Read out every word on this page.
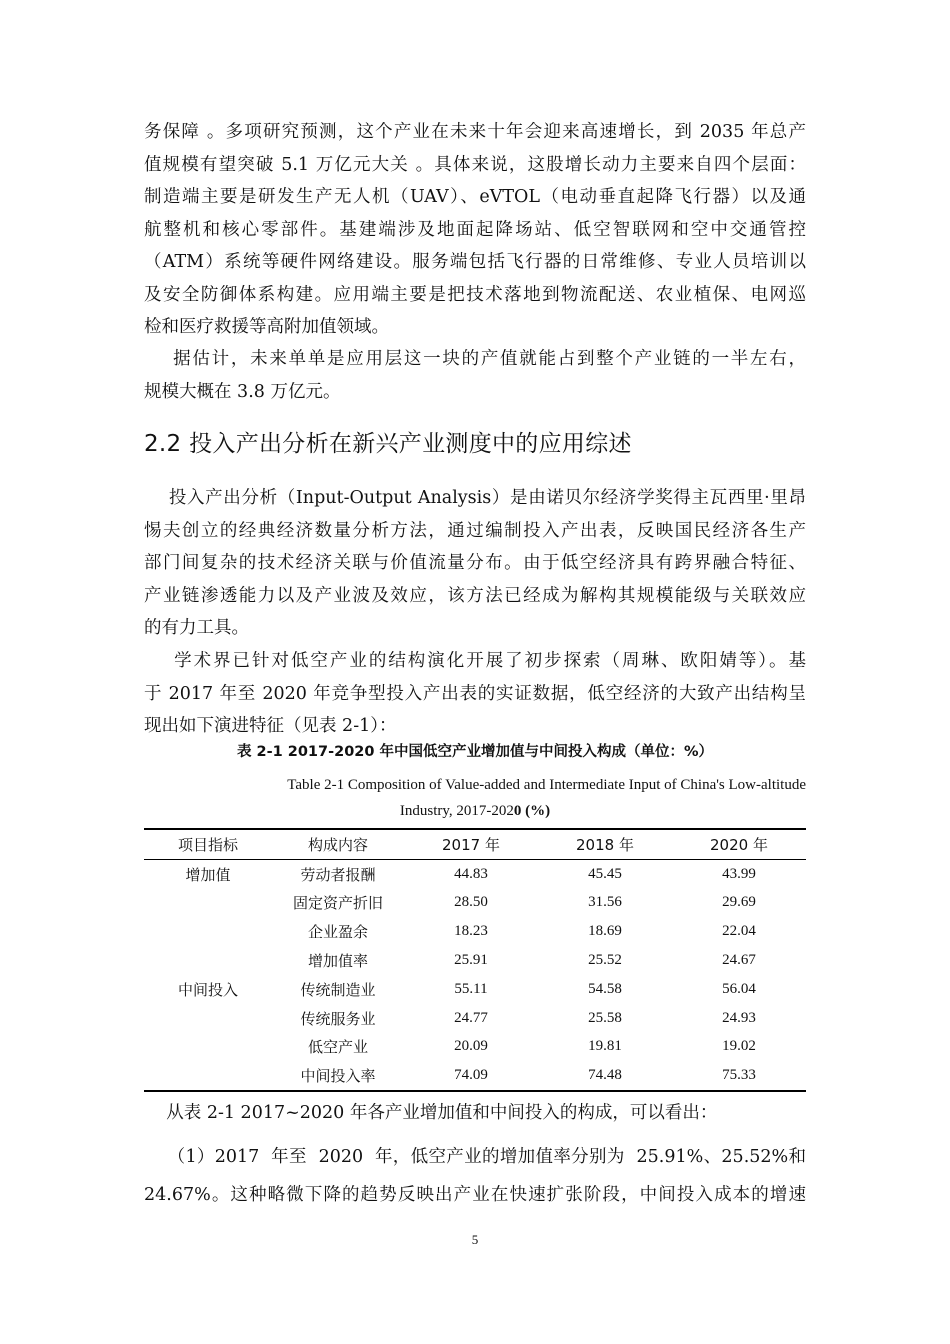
务保障 。多项研究预测，这个产业在未来十年会迎来高速增长，到 2035 年总产
值规模有望突破 5.1 万亿元大关 。具体来说，这股增长动力主要来自四个层面：
制造端主要是研发生产无人机（UAV）、eVTOL（电动垂直起降飞行器）以及通
航整机和核心零部件。基建端涉及地面起降场站、低空智联网和空中交通管控
（ATM）系统等硬件网络建设。服务端包括飞行器的日常维修、专业人员培训以
及安全防御体系构建。应用端主要是把技术落地到物流配送、农业植保、电网巡
检和医疗救援等高附加值领域。
据估计，未来单单是应用层这一块的产值就能占到整个产业链的一半左右，
规模大概在 3.8 万亿元。
2.2 投入产出分析在新兴产业测度中的应用综述
投入产出分析（Input-Output Analysis）是由诺贝尔经济学奖得主瓦西里·里昂
惕夫创立的经典经济数量分析方法，通过编制投入产出表，反映国民经济各生产
部门间复杂的技术经济关联与价值流量分布。由于低空经济具有跨界融合特征、
产业链渗透能力以及产业波及效应，该方法已经成为解构其规模能级与关联效应
的有力工具。
学术界已针对低空产业的结构演化开展了初步探索（周琳、欧阳婧等）。基
于 2017 年至 2020 年竞争型投入产出表的实证数据，低空经济的大致产出结构呈
现出如下演进特征（见表 2-1）：
表 2-1 2017-2020 年中国低空产业增加值与中间投入构成（单位：%）
Table 2-1 Composition of Value-added and Intermediate Input of China's Low-altitude
Industry, 2017-2020 (%)
项目指标	构成内容	2017 年	2018 年	2020 年
增加值	劳动者报酬	44.83	45.45	43.99
	固定资产折旧	28.50	31.56	29.69
	企业盈余	18.23	18.69	22.04
	增加值率	25.91	25.52	24.67
中间投入	传统制造业	55.11	54.58	56.04
	传统服务业	24.77	25.58	24.93
	低空产业	20.09	19.81	19.02
	中间投入率	74.09	74.48	75.33
从表 2-1 2017~2020 年各产业增加值和中间投入的构成，可以看出：
（1）2017  年至  2020  年，低空产业的增加值率分别为  25.91%、25.52%和
24.67%。这种略微下降的趋势反映出产业在快速扩张阶段，中间投入成本的增速
5
